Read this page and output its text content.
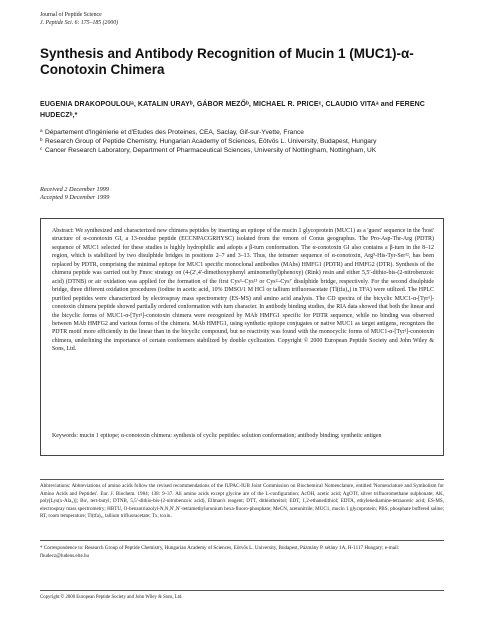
Journal of Peptide Science
J. Peptide Sci. 6: 175–185 (2000)
Synthesis and Antibody Recognition of Mucin 1 (MUC1)-α-Conotoxin Chimera
EUGENIA DRAKOPOULOUᵃ, KATALIN URAYᵇ, GÁBOR MEZŐᵇ, MICHAEL R. PRICEᶜ, CLAUDIO VITAᵃ and FERENC HUDECZᵇ,*
a Département d'Ingénierie et d'Etudes des Proteines, CEA, Saclay, Gif-sur-Yvette, France
b Research Group of Peptide Chemistry, Hungarian Academy of Sciences, Eötvös L. University, Budapest, Hungary
c Cancer Research Laboratory, Department of Pharmaceutical Sciences, University of Nottingham, Nottingham, UK
Received 2 December 1999
Accepted 9 December 1999

Abstract: We synthesized and characterized new chimera peptides by inserting an epitope of the mucin 1 glycoprotein (MUC1) as a 'guest' sequence in the 'host' structure of α-conotoxin GI, a 13-residue peptide (ECCNPACGRHYSC) isolated from the venom of Conus geographus. The Pro-Asp-Thr-Arg (PDTR) sequence of MUC1 selected for these studies is highly hydrophilic and adopts a β-turn conformation. The α-conotoxin GI also contains a β-turn in the 8–12 region, which is stabilized by two disulphide bridges in positions 2–7 and 3–13. Thus, the tetramer sequence of α-conotoxin, Arg⁹-His-Tyr-Ser¹², has been replaced by PDTR, comprising the minimal epitope for MUC1 specific monoclonal antibodies (MAbs) HMFG1 (PDTR) and HMFG2 (DTR). Synthesis of the chimera peptide was carried out by Fmoc strategy on (4-(2′,4′-dimethoxyphenyl aminomethyl)phenoxy) (Rink) resin and either 5,5′-dithio-bis-(2-nitrobenzoic acid) (DTNB) or air oxidation was applied for the formation of the first Cys³–Cys¹³ or Cys²–Cys⁷ disulphide bridge, respectively. For the second disulphide bridge, three different oxidation procedures (iodine in acetic acid, 10% DMSO/1 M HCl or tallium trifluoroacetate (Tl(tfa)₃) in TFA) were utilized. The HPLC purified peptides were characterized by electrospray mass spectrometry (ES-MS) and amino acid analysis. The CD spectra of the bicyclic MUC1-α-[Tyr¹]-conotoxin chimera peptide showed partially ordered conformation with turn character. In antibody binding studies, the RIA data showed that both the linear and the bicyclic forms of MUC1-α-[Tyr¹]-conotoxin chimera were recognized by MAb HMFG1 specific for PDTR sequence, while no binding was observed between MAb HMFG2 and various forms of the chimera. MAb HMFG1, using synthetic epitope conjugates or native MUC1 as target antigens, recognizes the PDTR motif more efficiently in the linear than in the bicyclic compound, but no reactivity was found with the monocyclic forms of MUC1-α-[Tyr¹]-conotoxin chimera, underlining the importance of certain conformers stabilized by double cyclization. Copyright © 2000 European Peptide Society and John Wiley & Sons, Ltd.

Keywords: mucin 1 epitope; α-conotoxin chimera: synthesis of cyclic peptides: solution conformation; antibody binding; synthetic antigen

Abbreviations: Abbreviations of amino acids follow the revised recommendations of the IUPAC-IUB Joint Commission on Biochemical Nomenclature, entitled 'Nomenclature and Symbolism for Amino Acids and Peptides'. Eur. J. Biochem. 1984; 138: 9–37. All amino acids except glycine are of the L-configuration; AcOH, acetic acid; AgOTf, silver trifluoromethane sulphonate; AK, poly[Lys(x-Ala₃)]; Buᵗ, tert-butyl; DTNB, 5,5′-dithio-bis-(2-nitrobenzoic acid), Ellman's reagent; DTT, dithiothreitol; EDT, 1,2-ethanedithiol; EDTA, ethylenediamine-tetraacetic acid; ES-MS, electrospray mass spectrometry; HBTU, O-benzotriazolyl-N,N,N′,N′-tetramethyluronium hexa-fluoro-phosphate; MeCN, acetonitrile; MUC1, mucin 1 glycoprotein; PBS, phosphate buffered saline; RT, room temperature; Tl(tfa)₃, tallium trifluoracetate; Tx, toxin.

* Correspondence to: Research Group of Peptide Chemistry, Hungarian Academy of Sciences, Eötvös L. University, Budapest, Pázmány P. sétány 1A, H-1117 Hungary; e-mail: fhudecz@ludens.elte.hu

Copyright © 2000 European Peptide Society and John Wiley & Sons, Ltd.
